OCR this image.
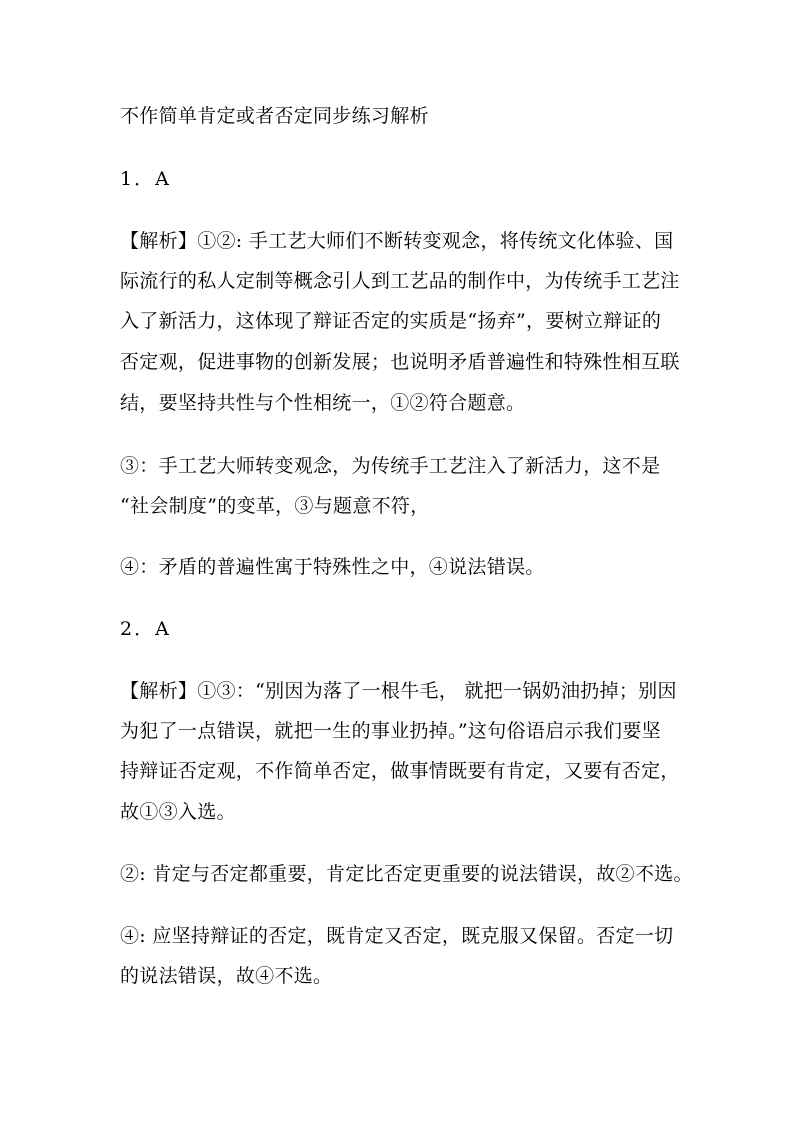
不作简单肯定或者否定同步练习解析
1．A
【解析】①②: 手工艺大师们不断转变观念，将传统文化体验、国
际流行的私人定制等概念引人到工艺品的制作中，为传统手工艺注
入了新活力，这体现了辩证否定的实质是“扬弃”，要树立辩证的
否定观，促进事物的创新发展；也说明矛盾普遍性和特殊性相互联
结，要坚持共性与个性相统一，①②符合题意。
③：手工艺大师转变观念，为传统手工艺注入了新活力，这不是
“社会制度”的变革，③与题意不符，
④：矛盾的普遍性寓于特殊性之中，④说法错误。
2．A
【解析】①③：“别因为落了一根牛毛， 就把一锅奶油扔掉；别因
为犯了一点错误，就把一生的事业扔掉。”这句俗语启示我们要坚
持辩证否定观，不作简单否定，做事情既要有肯定，又要有否定，
故①③入选。
②: 肯定与否定都重要，肯定比否定更重要的说法错误，故②不选。
④: 应坚持辩证的否定，既肯定又否定，既克服又保留。否定一切
的说法错误，故④不选。
